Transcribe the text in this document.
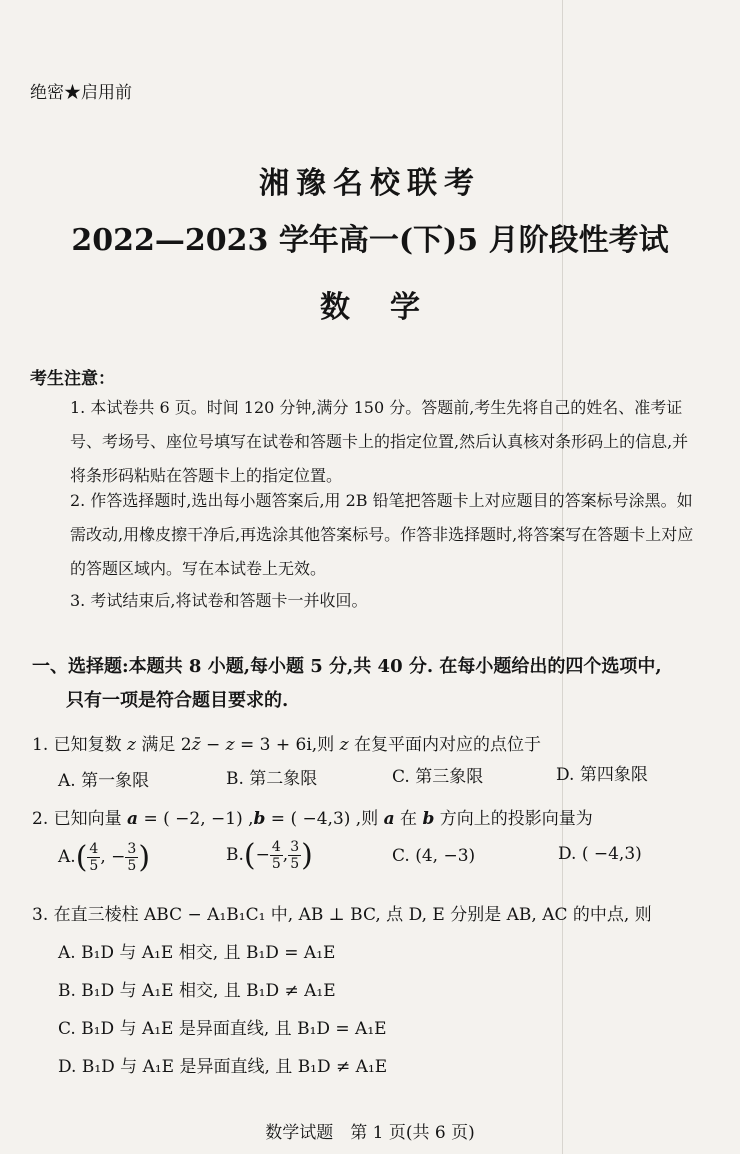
绝密★启用前
湘豫名校联考
2022—2023 学年高一(下)5 月阶段性考试
数学
考生注意：
1. 本试卷共 6 页。时间 120 分钟,满分 150 分。答题前,考生先将自己的姓名、准考证号、考场号、座位号填写在试卷和答题卡上的指定位置,然后认真核对条形码上的信息,并将条形码粘贴在答题卡上的指定位置。
2. 作答选择题时,选出每小题答案后,用 2B 铅笔把答题卡上对应题目的答案标号涂黑。如需改动,用橡皮擦干净后,再选涂其他答案标号。作答非选择题时,将答案写在答题卡上对应的答题区域内。写在本试卷上无效。
3. 考试结束后,将试卷和答题卡一并收回。
一、选择题:本题共 8 小题,每小题 5 分,共 40 分. 在每小题给出的四个选项中,
只有一项是符合题目要求的.
1. 已知复数 z 满足 2z̄ − z = 3 + 6i,则 z 在复平面内对应的点位于
A. 第一象限	B. 第二象限	C. 第三象限	D. 第四象限
2. 已知向量 a = ( −2, −1) ,b = ( −4,3) ,则 a 在 b 方向上的投影向量为
$A.( \frac{4}{5}$ , − $\frac{3}{5}$ )	$B.(- \frac{4}{5}$ , $\frac{3}{5}$ )	C. (4, −3)	D. ( −4,3)
3. 在直三棱柱 ABC − A₁B₁C₁ 中, AB ⊥ BC, 点 D, E 分别是 AB, AC 的中点, 则
A. B₁D 与 A₁E 相交, 且 B₁D = A₁E
B. B₁D 与 A₁E 相交, 且 B₁D ≠ A₁E
C. B₁D 与 A₁E 是异面直线, 且 B₁D = A₁E
D. B₁D 与 A₁E 是异面直线, 且 B₁D ≠ A₁E
数学试题　第 1 页(共 6 页)
